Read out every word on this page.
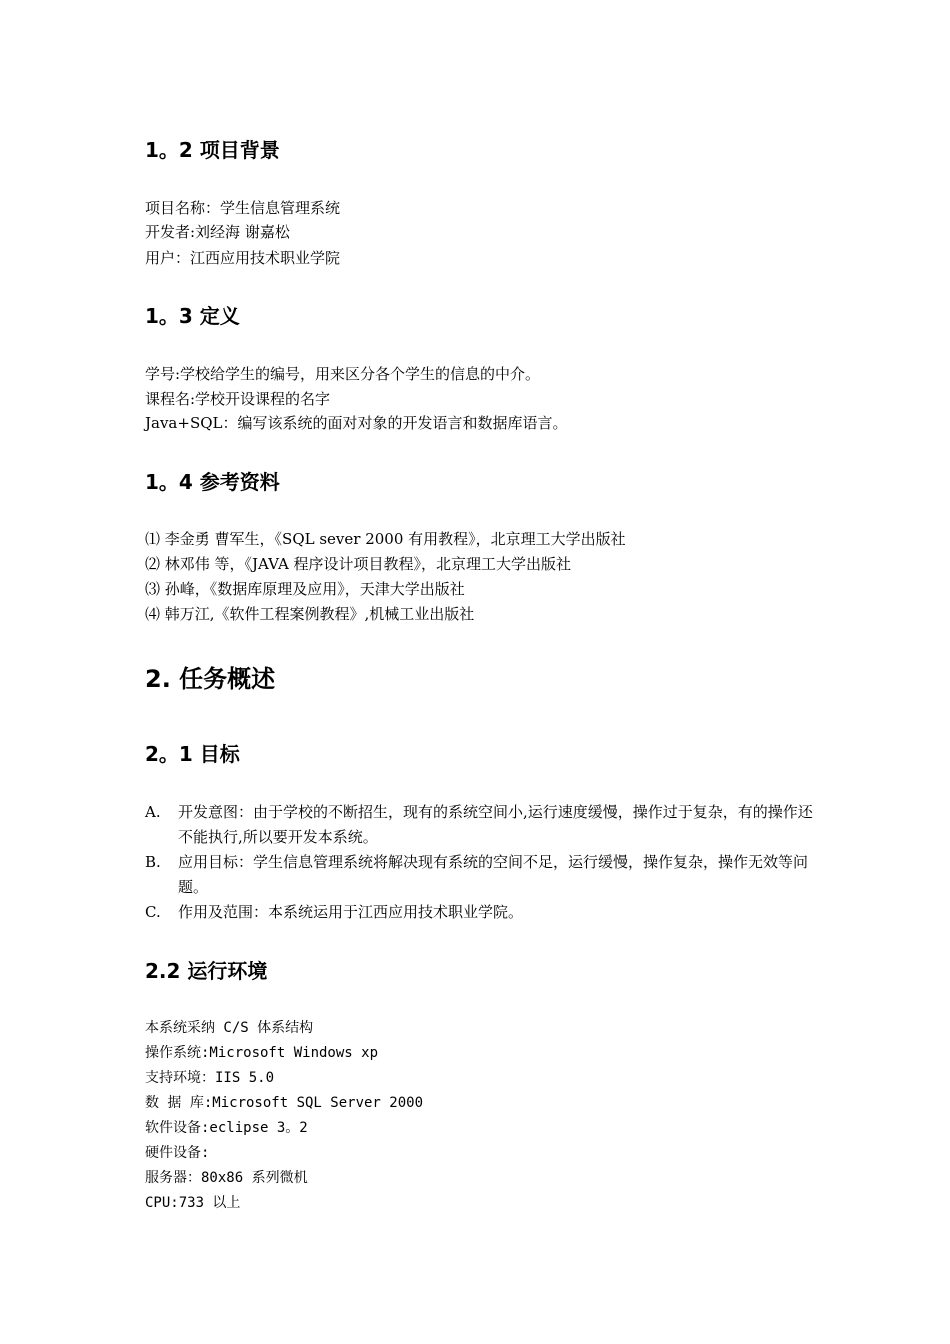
1。2 项目背景
项目名称：学生信息管理系统
开发者:刘经海 谢嘉松
用户：江西应用技术职业学院
1。3 定义
学号:学校给学生的编号，用来区分各个学生的信息的中介。
课程名:学校开设课程的名字
Java+SQL：编写该系统的面对对象的开发语言和数据库语言。
1。4 参考资料
⑴ 李金勇 曹军生，《SQL sever 2000 有用教程》，北京理工大学出版社
⑵ 林邓伟 等，《JAVA 程序设计项目教程》，北京理工大学出版社
⑶ 孙峰，《数据库原理及应用》，天津大学出版社
⑷ 韩万江,《软件工程案例教程》,机械工业出版社
2. 任务概述
2。1 目标
A.	开发意图：由于学校的不断招生，现有的系统空间小,运行速度缓慢，操作过于复杂，有的操作还不能执行,所以要开发本系统。
B.	应用目标：学生信息管理系统将解决现有系统的空间不足，运行缓慢，操作复杂，操作无效等问题。
C.	作用及范围：本系统运用于江西应用技术职业学院。
2.2 运行环境
本系统采纳 C/S 体系结构
操作系统:Microsoft Windows xp
支持环境：IIS 5.0
数 据 库:Microsoft SQL Server 2000
软件设备:eclipse 3。2
硬件设备:
服务器：80x86 系列微机
CPU:733 以上
